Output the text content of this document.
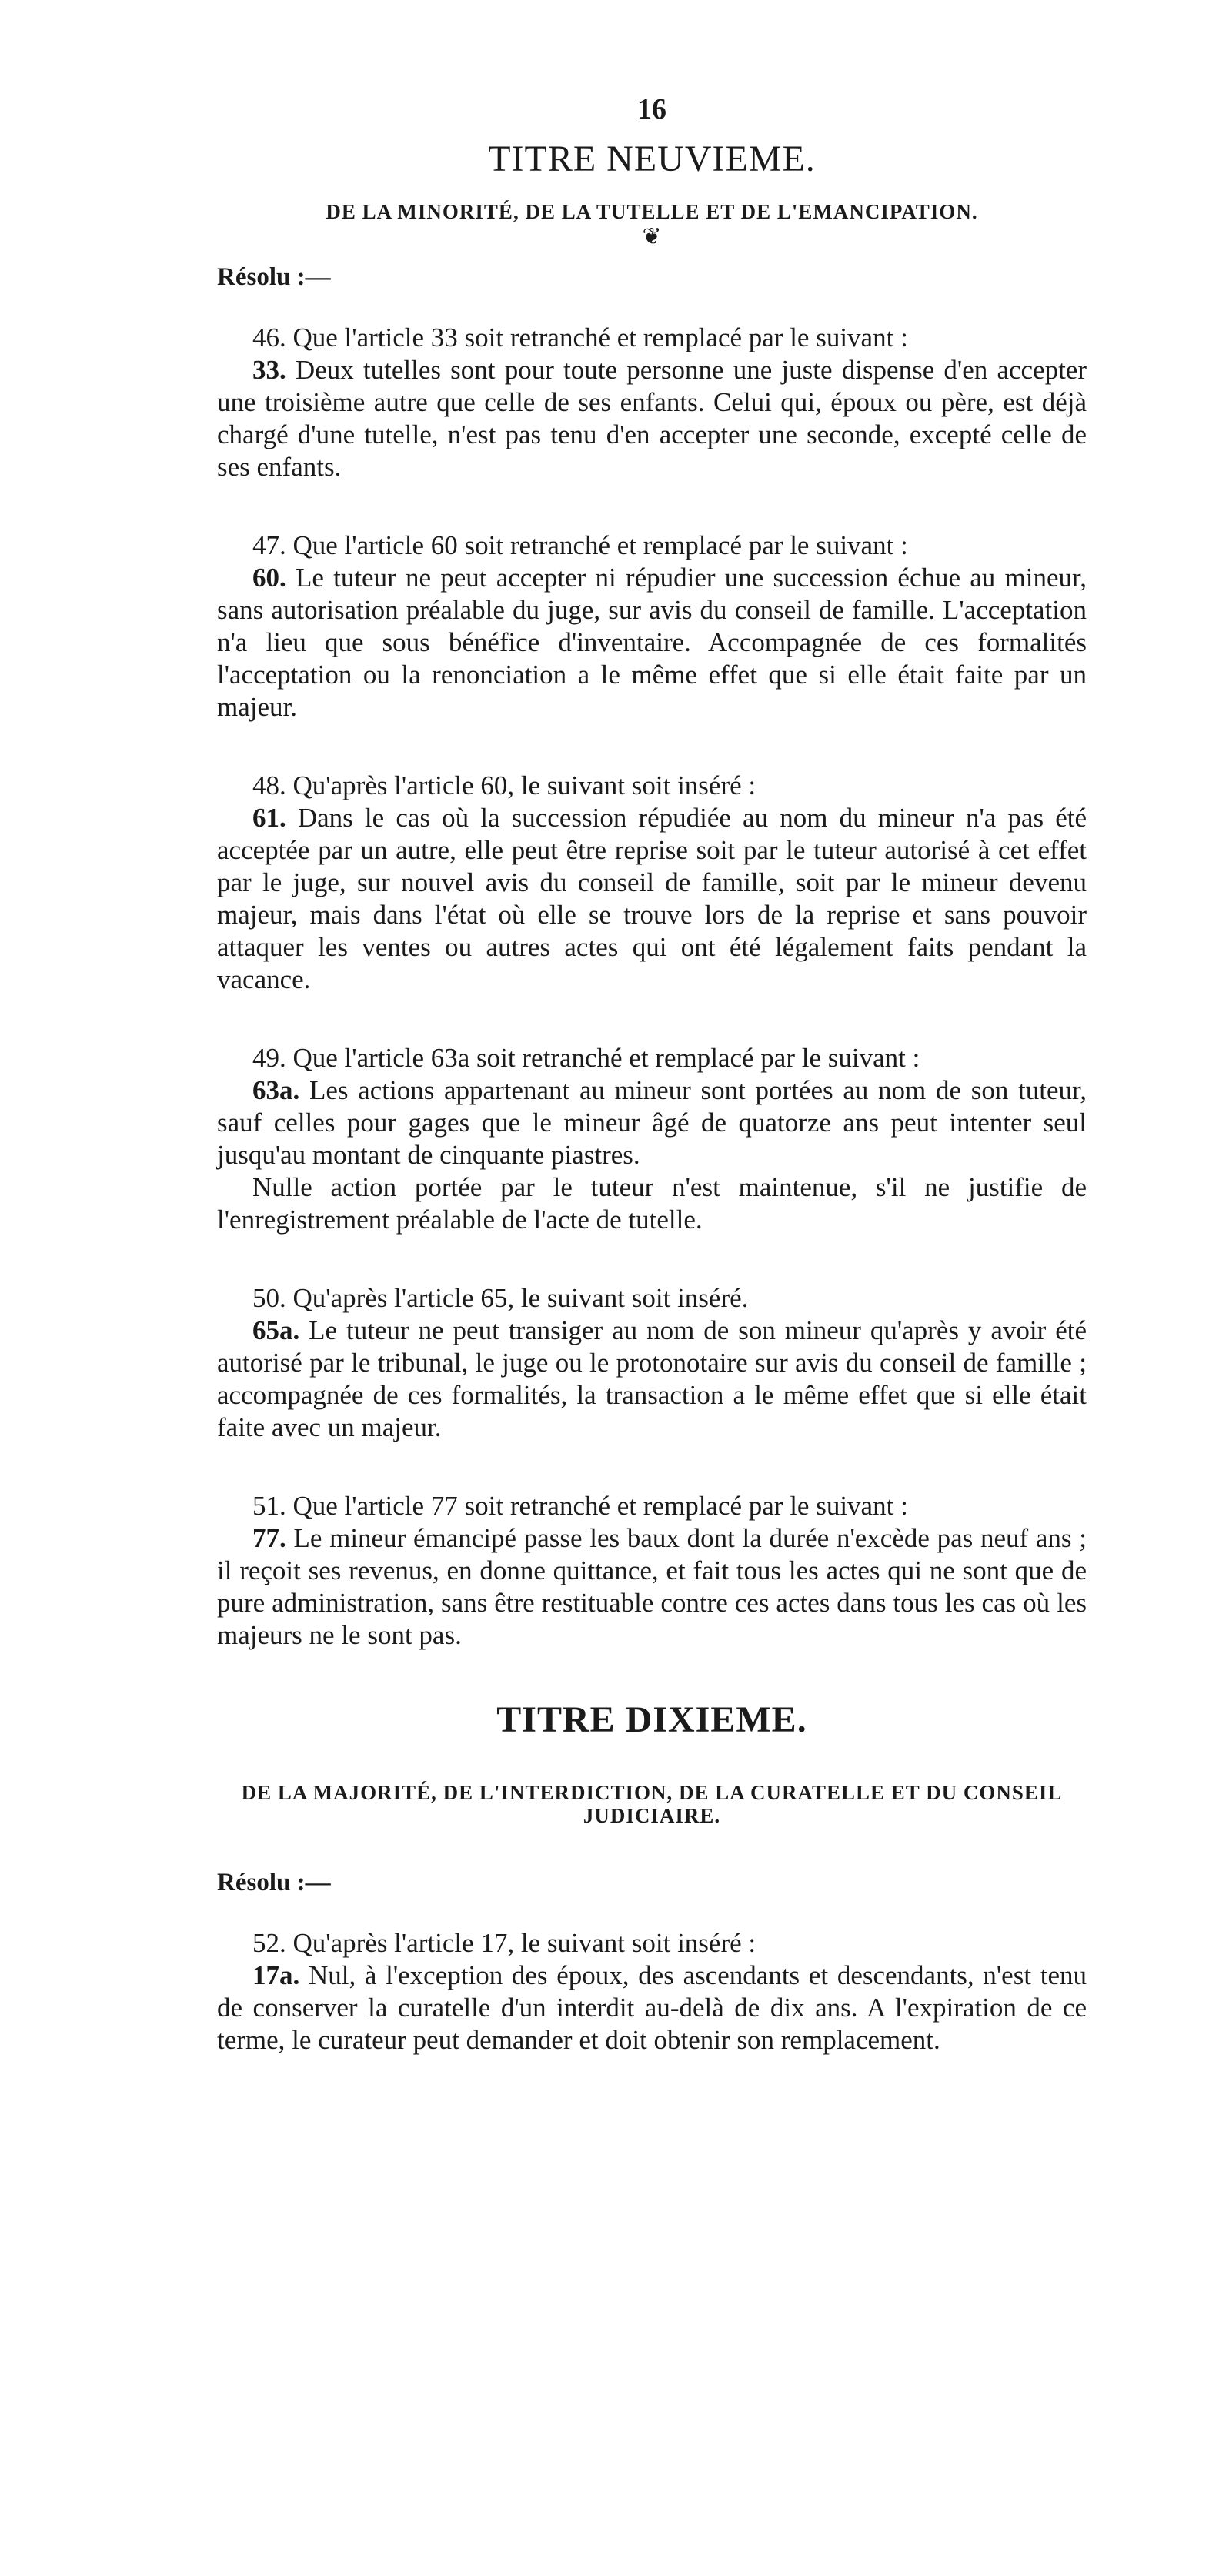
16
TITRE NEUVIEME.
DE LA MINORITÉ, DE LA TUTELLE ET DE L'EMANCIPATION.
❦
Résolu :—

46. Que l'article 33 soit retranché et remplacé par le suivant :

33. Deux tutelles sont pour toute personne une juste dispense d'en accepter une troisième autre que celle de ses enfants. Celui qui, époux ou père, est déjà chargé d'une tutelle, n'est pas tenu d'en accepter une seconde, excepté celle de ses enfants.

47. Que l'article 60 soit retranché et remplacé par le suivant :

60. Le tuteur ne peut accepter ni répudier une succession échue au mineur, sans autorisation préalable du juge, sur avis du conseil de famille. L'acceptation n'a lieu que sous bénéfice d'inventaire. Accompagnée de ces formalités l'acceptation ou la renonciation a le même effet que si elle était faite par un majeur.

48. Qu'après l'article 60, le suivant soit inséré :

61. Dans le cas où la succession répudiée au nom du mineur n'a pas été acceptée par un autre, elle peut être reprise soit par le tuteur autorisé à cet effet par le juge, sur nouvel avis du conseil de famille, soit par le mineur devenu majeur, mais dans l'état où elle se trouve lors de la reprise et sans pouvoir attaquer les ventes ou autres actes qui ont été légalement faits pendant la vacance.

49. Que l'article 63a soit retranché et remplacé par le suivant :

63a. Les actions appartenant au mineur sont portées au nom de son tuteur, sauf celles pour gages que le mineur âgé de quatorze ans peut intenter seul jusqu'au montant de cinquante piastres.

Nulle action portée par le tuteur n'est maintenue, s'il ne justifie de l'enregistrement préalable de l'acte de tutelle.

50. Qu'après l'article 65, le suivant soit inséré.

65a. Le tuteur ne peut transiger au nom de son mineur qu'après y avoir été autorisé par le tribunal, le juge ou le protonotaire sur avis du conseil de famille ; accompagnée de ces formalités, la transaction a le même effet que si elle était faite avec un majeur.

51. Que l'article 77 soit retranché et remplacé par le suivant :

77. Le mineur émancipé passe les baux dont la durée n'excède pas neuf ans ; il reçoit ses revenus, en donne quittance, et fait tous les actes qui ne sont que de pure administration, sans être restituable contre ces actes dans tous les cas où les majeurs ne le sont pas.

TITRE DIXIEME.
DE LA MAJORITÉ, DE L'INTERDICTION, DE LA CURATELLE ET DU CONSEIL JUDICIAIRE.
Résolu :—

52. Qu'après l'article 17, le suivant soit inséré :

17a. Nul, à l'exception des époux, des ascendants et descendants, n'est tenu de conserver la curatelle d'un interdit au-delà de dix ans. A l'expiration de ce terme, le curateur peut demander et doit obtenir son remplacement.
